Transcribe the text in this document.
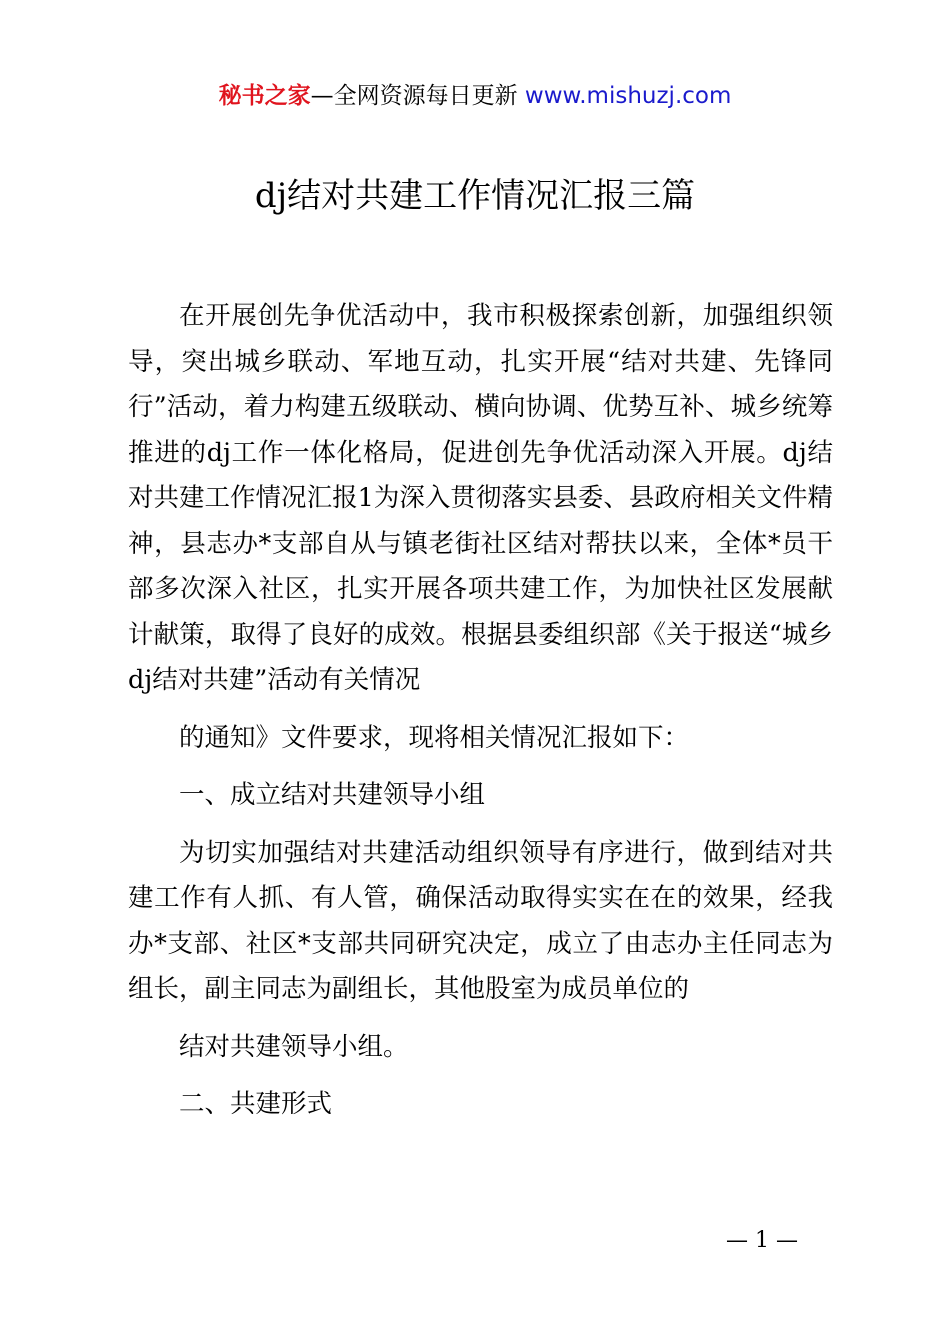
秘书之家—全网资源每日更新 www.mishuzj.com
dj结对共建工作情况汇报三篇

在开展创先争优活动中，我市积极探索创新，加强组织领导，突出城乡联动、军地互动，扎实开展“结对共建、先锋同行”活动，着力构建五级联动、横向协调、优势互补、城乡统筹推进的dj工作一体化格局，促进创先争优活动深入开展。dj结对共建工作情况汇报1为深入贯彻落实县委、县政府相关文件精神，县志办*支部自从与镇老街社区结对帮扶以来，全体*员干部多次深入社区，扎实开展各项共建工作，为加快社区发展献计献策，取得了良好的成效。根据县委组织部《关于报送“城乡dj结对共建”活动有关情况

的通知》文件要求，现将相关情况汇报如下：

一、成立结对共建领导小组

为切实加强结对共建活动组织领导有序进行，做到结对共建工作有人抓、有人管，确保活动取得实实在在的效果，经我办*支部、社区*支部共同研究决定，成立了由志办主任同志为组长，副主同志为副组长，其他股室为成员单位的

结对共建领导小组。

二、共建形式

— 1 —
